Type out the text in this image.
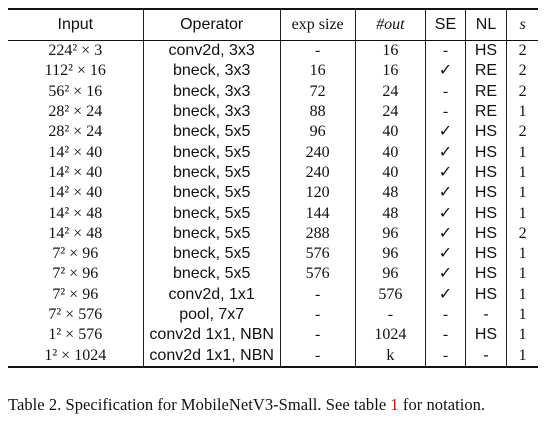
Input	Operator	exp size	#out	SE	NL	s
224² × 3	conv2d, 3x3	-	16	-	HS	2
112² × 16	bneck, 3x3	16	16	✓	RE	2
56² × 16	bneck, 3x3	72	24	-	RE	2
28² × 24	bneck, 3x3	88	24	-	RE	1
28² × 24	bneck, 5x5	96	40	✓	HS	2
14² × 40	bneck, 5x5	240	40	✓	HS	1
14² × 40	bneck, 5x5	240	40	✓	HS	1
14² × 40	bneck, 5x5	120	48	✓	HS	1
14² × 48	bneck, 5x5	144	48	✓	HS	1
14² × 48	bneck, 5x5	288	96	✓	HS	2
7² × 96	bneck, 5x5	576	96	✓	HS	1
7² × 96	bneck, 5x5	576	96	✓	HS	1
7² × 96	conv2d, 1x1	-	576	✓	HS	1
7² × 576	pool, 7x7	-	-	-	-	1
1² × 576	conv2d 1x1, NBN	-	1024	-	HS	1
1² × 1024	conv2d 1x1, NBN	-	k	-	-	1
Table 2. Specification for MobileNetV3-Small. See table 1 for notation.
